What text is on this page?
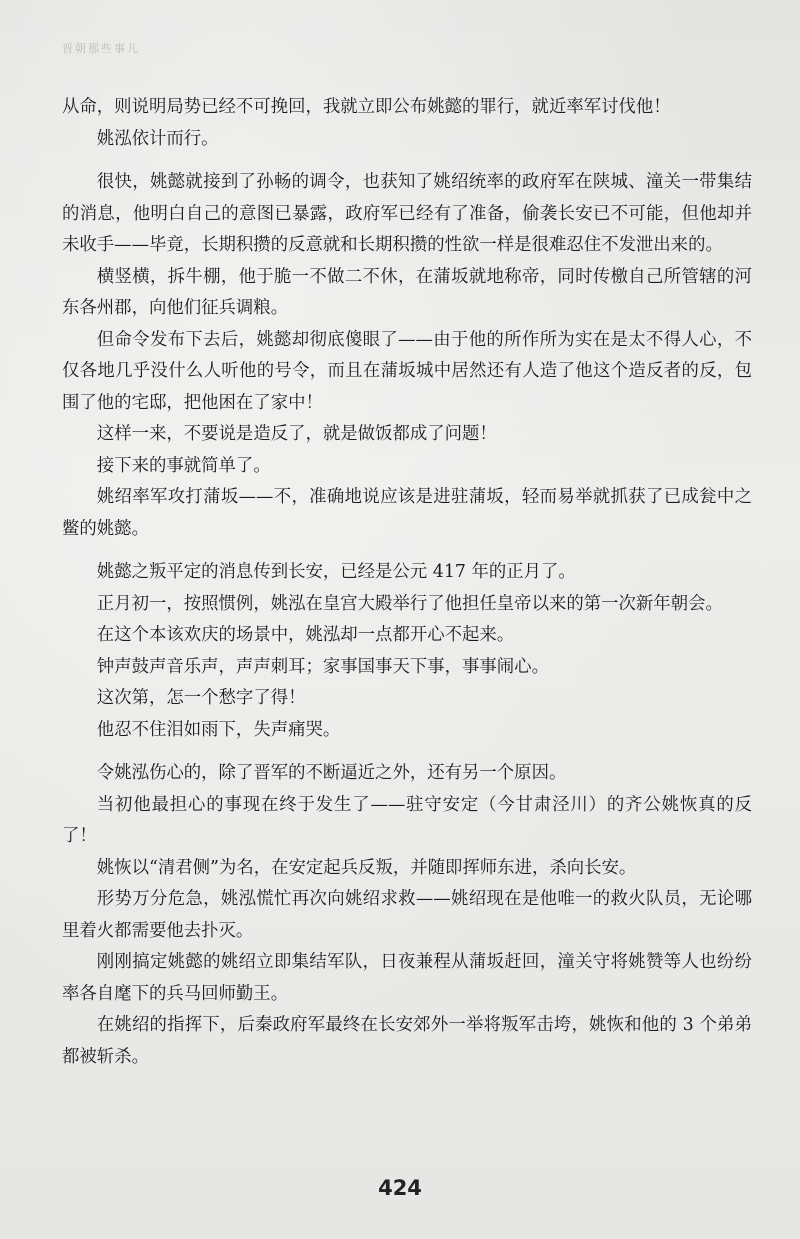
晋朝那些事儿

从命，则说明局势已经不可挽回，我就立即公布姚懿的罪行，就近率军讨伐他！

姚泓依计而行。

很快，姚懿就接到了孙畅的调令，也获知了姚绍统率的政府军在陕城、潼关一带集结的消息，他明白自己的意图已暴露，政府军已经有了准备，偷袭长安已不可能，但他却并未收手——毕竟，长期积攒的反意就和长期积攒的性欲一样是很难忍住不发泄出来的。

横竖横，拆牛棚，他于脆一不做二不休，在蒲坂就地称帝，同时传檄自己所管辖的河东各州郡，向他们征兵调粮。

但命令发布下去后，姚懿却彻底傻眼了——由于他的所作所为实在是太不得人心，不仅各地几乎没什么人听他的号令，而且在蒲坂城中居然还有人造了他这个造反者的反，包围了他的宅邸，把他困在了家中！

这样一来，不要说是造反了，就是做饭都成了问题！

接下来的事就简单了。

姚绍率军攻打蒲坂——不，准确地说应该是进驻蒲坂，轻而易举就抓获了已成瓮中之鳖的姚懿。

姚懿之叛平定的消息传到长安，已经是公元 417 年的正月了。

正月初一，按照惯例，姚泓在皇宫大殿举行了他担任皇帝以来的第一次新年朝会。

在这个本该欢庆的场景中，姚泓却一点都开心不起来。

钟声鼓声音乐声，声声刺耳；家事国事天下事，事事闹心。

这次第，怎一个愁字了得！

他忍不住泪如雨下，失声痛哭。

令姚泓伤心的，除了晋军的不断逼近之外，还有另一个原因。

当初他最担心的事现在终于发生了——驻守安定（今甘肃泾川）的齐公姚恢真的反了！

姚恢以“清君侧”为名，在安定起兵反叛，并随即挥师东进，杀向长安。

形势万分危急，姚泓慌忙再次向姚绍求救——姚绍现在是他唯一的救火队员，无论哪里着火都需要他去扑灭。

刚刚搞定姚懿的姚绍立即集结军队，日夜兼程从蒲坂赶回，潼关守将姚赞等人也纷纷率各自麾下的兵马回师勤王。

在姚绍的指挥下，后秦政府军最终在长安郊外一举将叛军击垮，姚恢和他的 3 个弟弟都被斩杀。

424
